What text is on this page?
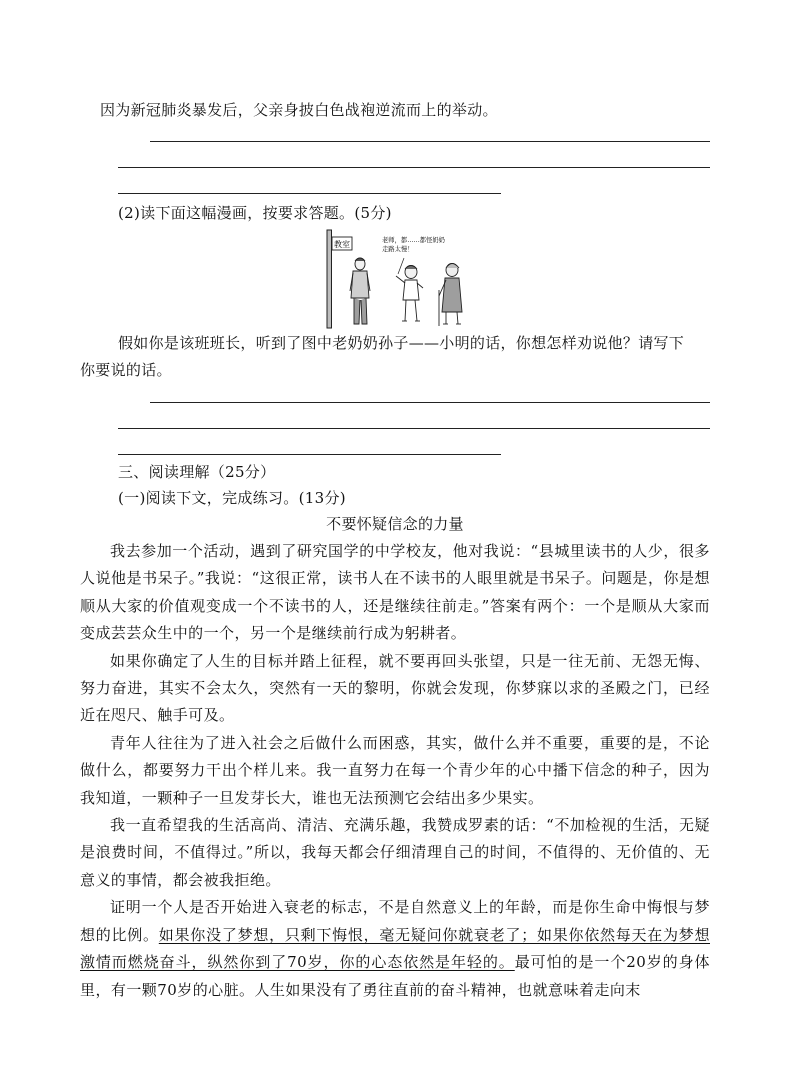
因为新冠肺炎暴发后，父亲身披白色战袍逆流而上的举动。
(2)读下面这幅漫画，按要求答题。(5分)
教室	老师，都……都怪奶奶
走路太慢！
假如你是该班班长，听到了图中老奶奶孙子——小明的话，你想怎样劝说他？请写下
你要说的话。
三、阅读理解（25分）
(一)阅读下文，完成练习。(13分)
不要怀疑信念的力量

我去参加一个活动，遇到了研究国学的中学校友，他对我说：“县城里读书的人少，很多人说他是书呆子。”我说：“这很正常，读书人在不读书的人眼里就是书呆子。问题是，你是想顺从大家的价值观变成一个不读书的人，还是继续往前走。”答案有两个：一个是顺从大家而变成芸芸众生中的一个，另一个是继续前行成为躬耕者。

如果你确定了人生的目标并踏上征程，就不要再回头张望，只是一往无前、无怨无悔、努力奋进，其实不会太久，突然有一天的黎明，你就会发现，你梦寐以求的圣殿之门，已经近在咫尺、触手可及。

青年人往往为了进入社会之后做什么而困惑，其实，做什么并不重要，重要的是，不论做什么，都要努力干出个样儿来。我一直努力在每一个青少年的心中播下信念的种子，因为我知道，一颗种子一旦发芽长大，谁也无法预测它会结出多少果实。

我一直希望我的生活高尚、清洁、充满乐趣，我赞成罗素的话：“不加检视的生活，无疑是浪费时间，不值得过。”所以，我每天都会仔细清理自己的时间，不值得的、无价值的、无意义的事情，都会被我拒绝。

证明一个人是否开始进入衰老的标志，不是自然意义上的年龄，而是你生命中悔恨与梦想的比例。如果你没了梦想，只剩下悔恨，毫无疑问你就衰老了；如果你依然每天在为梦想激情而燃烧奋斗，纵然你到了70岁，你的心态依然是年轻的。最可怕的是一个20岁的身体里，有一颗70岁的心脏。人生如果没有了勇往直前的奋斗精神，也就意味着走向末
